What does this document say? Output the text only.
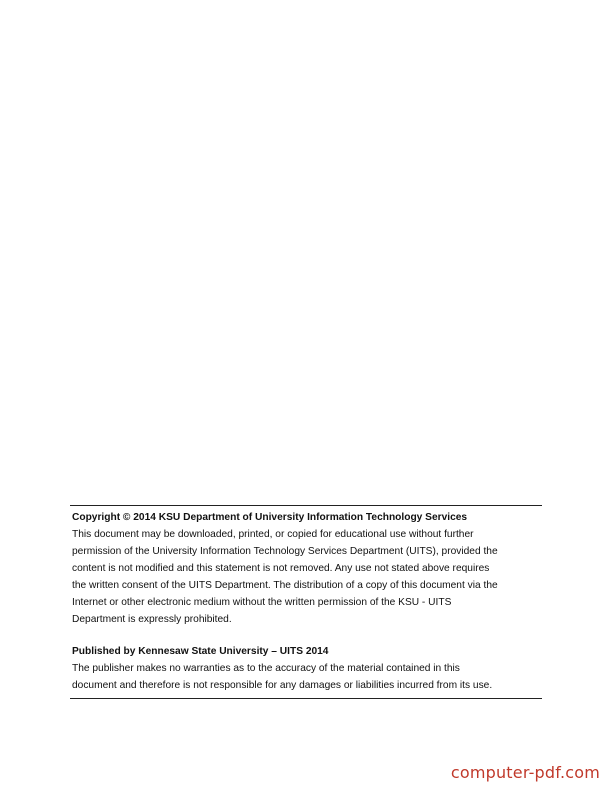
Copyright © 2014 KSU Department of University Information Technology Services
This document may be downloaded, printed, or copied for educational use without further
permission of the University Information Technology Services Department (UITS), provided the
content is not modified and this statement is not removed. Any use not stated above requires
the written consent of the UITS Department. The distribution of a copy of this document via the
Internet or other electronic medium without the written permission of the KSU - UITS
Department is expressly prohibited.
Published by Kennesaw State University – UITS 2014
The publisher makes no warranties as to the accuracy of the material contained in this
document and therefore is not responsible for any damages or liabilities incurred from its use.
computer-pdf.com
